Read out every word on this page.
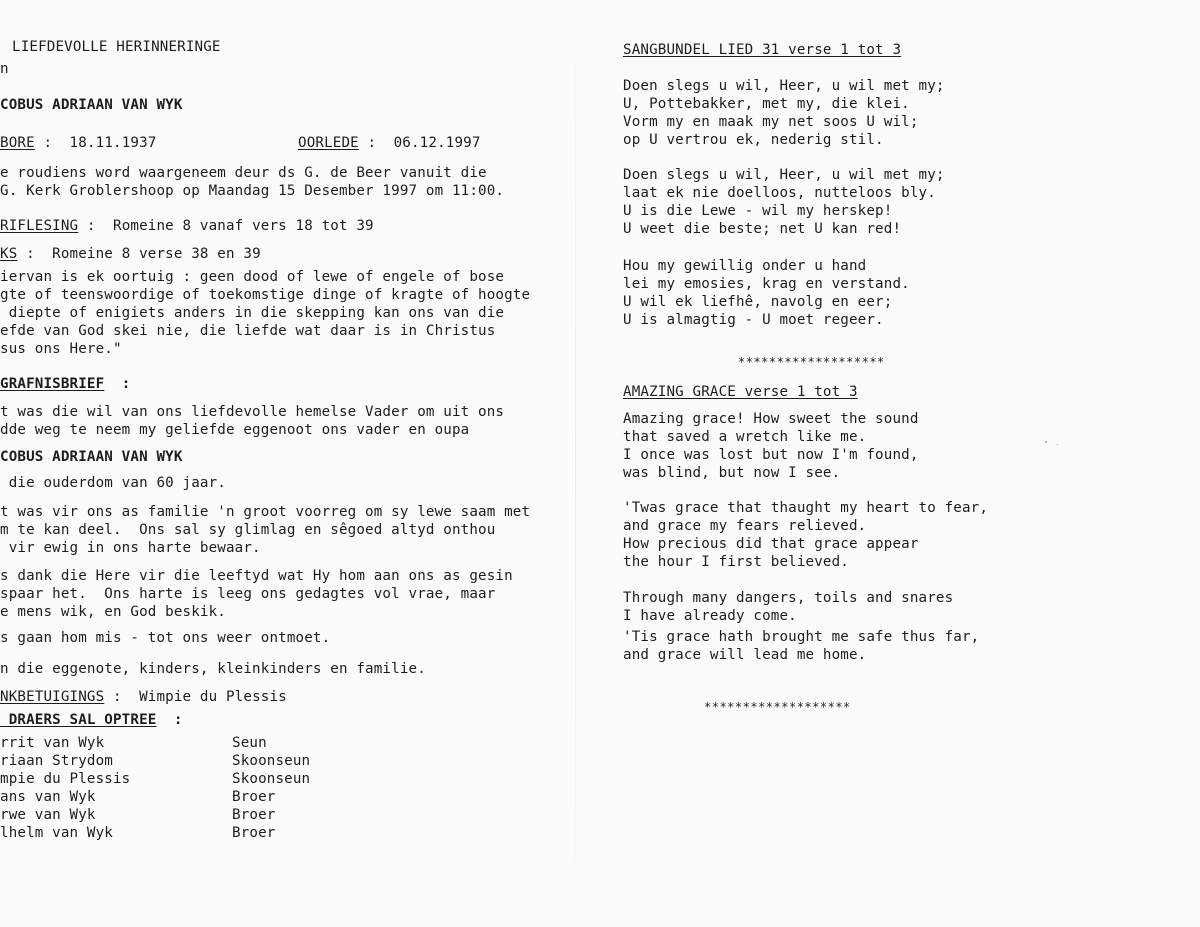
LIEFDEVOLLE HERINNERINGE
n
COBUS ADRIAAN VAN WYK
BORE :  18.11.1937	OORLEDE :  06.12.1997
e roudiens word waargeneem deur ds G. de Beer vanuit die
G. Kerk Groblershoop op Maandag 15 Desember 1997 om 11:00.
RIFLESING :  Romeine 8 vanaf vers 18 tot 39
KS :  Romeine 8 verse 38 en 39
iervan is ek oortuig : geen dood of lewe of engele of bose
gte of teenswoordige of toekomstige dinge of kragte of hoogte
diepte of enigiets anders in die skepping kan ons van die
efde van God skei nie, die liefde wat daar is in Christus
sus ons Here."
GRAFNISBRIEF  :
t was die wil van ons liefdevolle hemelse Vader om uit ons
dde weg te neem my geliefde eggenoot ons vader en oupa
COBUS ADRIAAN VAN WYK
die ouderdom van 60 jaar.
t was vir ons as familie 'n groot voorreg om sy lewe saam met
m te kan deel.  Ons sal sy glimlag en sêgoed altyd onthou
vir ewig in ons harte bewaar.
s dank die Here vir die leeftyd wat Hy hom aan ons as gesin
spaar het.  Ons harte is leeg ons gedagtes vol vrae, maar
e mens wik, en God beskik.
s gaan hom mis - tot ons weer ontmoet.
n die eggenote, kinders, kleinkinders en familie.
NKBETUIGINGS :  Wimpie du Plessis
DRAERS SAL OPTREE  :
rrit van Wyk	Seun
riaan Strydom	Skoonseun
mpie du Plessis	Skoonseun
ans van Wyk	Broer
rwe van Wyk	Broer
lhelm van Wyk	Broer
SANGBUNDEL LIED 31 verse 1 tot 3
Doen slegs u wil, Heer, u wil met my;
U, Pottebakker, met my, die klei.
Vorm my en maak my net soos U wil;
op U vertrou ek, nederig stil.
Doen slegs u wil, Heer, u wil met my;
laat ek nie doelloos, nutteloos bly.
U is die Lewe - wil my herskep!
U weet die beste; net U kan red!
Hou my gewillig onder u hand
lei my emosies, krag en verstand.
U wil ek liefhê, navolg en eer;
U is almagtig - U moet regeer.
*******************
AMAZING GRACE verse 1 tot 3
Amazing grace! How sweet the sound
that saved a wretch like me.
I once was lost but now I'm found,
was blind, but now I see.
'Twas grace that thaught my heart to fear,
and grace my fears relieved.
How precious did that grace appear
the hour I first believed.
Through many dangers, toils and snares
I have already come.
'Tis grace hath brought me safe thus far,
and grace will lead me home.
*******************
